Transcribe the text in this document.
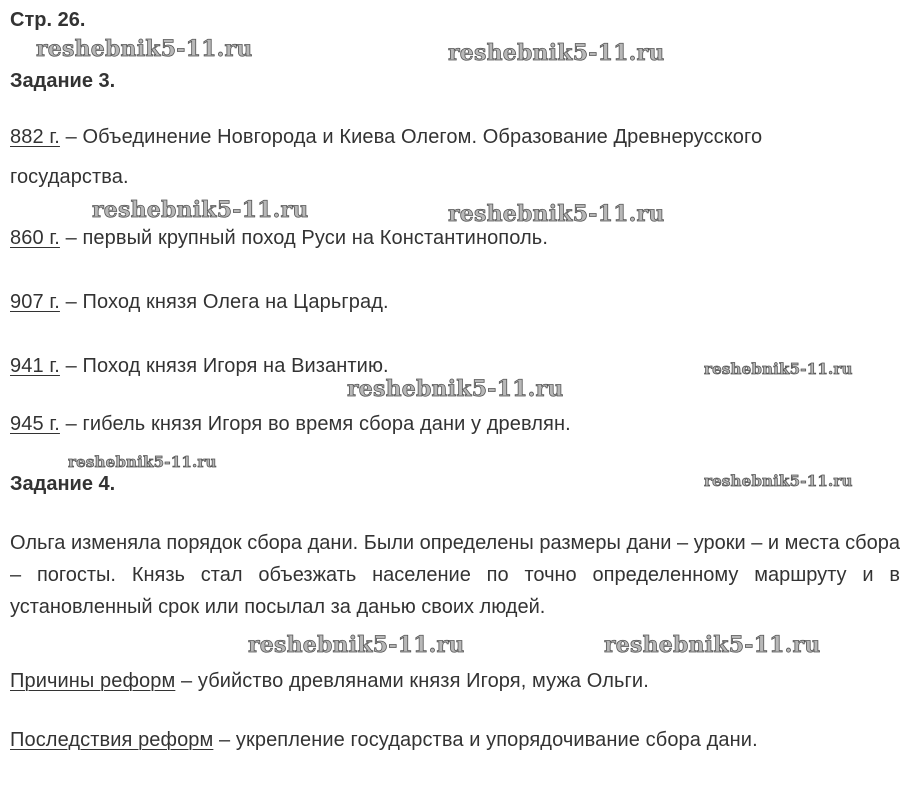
Стр. 26.
Задание 3.
882 г. – Объединение Новгорода и Киева Олегом. Образование Древнерусского
государства.
860 г. – первый крупный поход Руси на Константинополь.
907 г. – Поход князя Олега на Царьград.
941 г. – Поход князя Игоря на Византию.
945 г. – гибель князя Игоря во время сбора дани у древлян.
Задание 4.
Ольга изменяла порядок сбора дани. Были определены размеры дани – уроки – и места сбора – погосты. Князь стал объезжать население по точно определенному маршруту и в установленный срок или посылал за данью своих людей.
Причины реформ – убийство древлянами князя Игоря, мужа Ольги.
Последствия реформ – укрепление государства и упорядочивание сбора дани.
reshebnik5-11.ru	reshebnik5-11.ru
reshebnik5-11.ru	reshebnik5-11.ru
reshebnik5-11.ru
reshebnik5-11.ru
reshebnik5-11.ru
reshebnik5-11.ru
reshebnik5-11.ru	reshebnik5-11.ru
